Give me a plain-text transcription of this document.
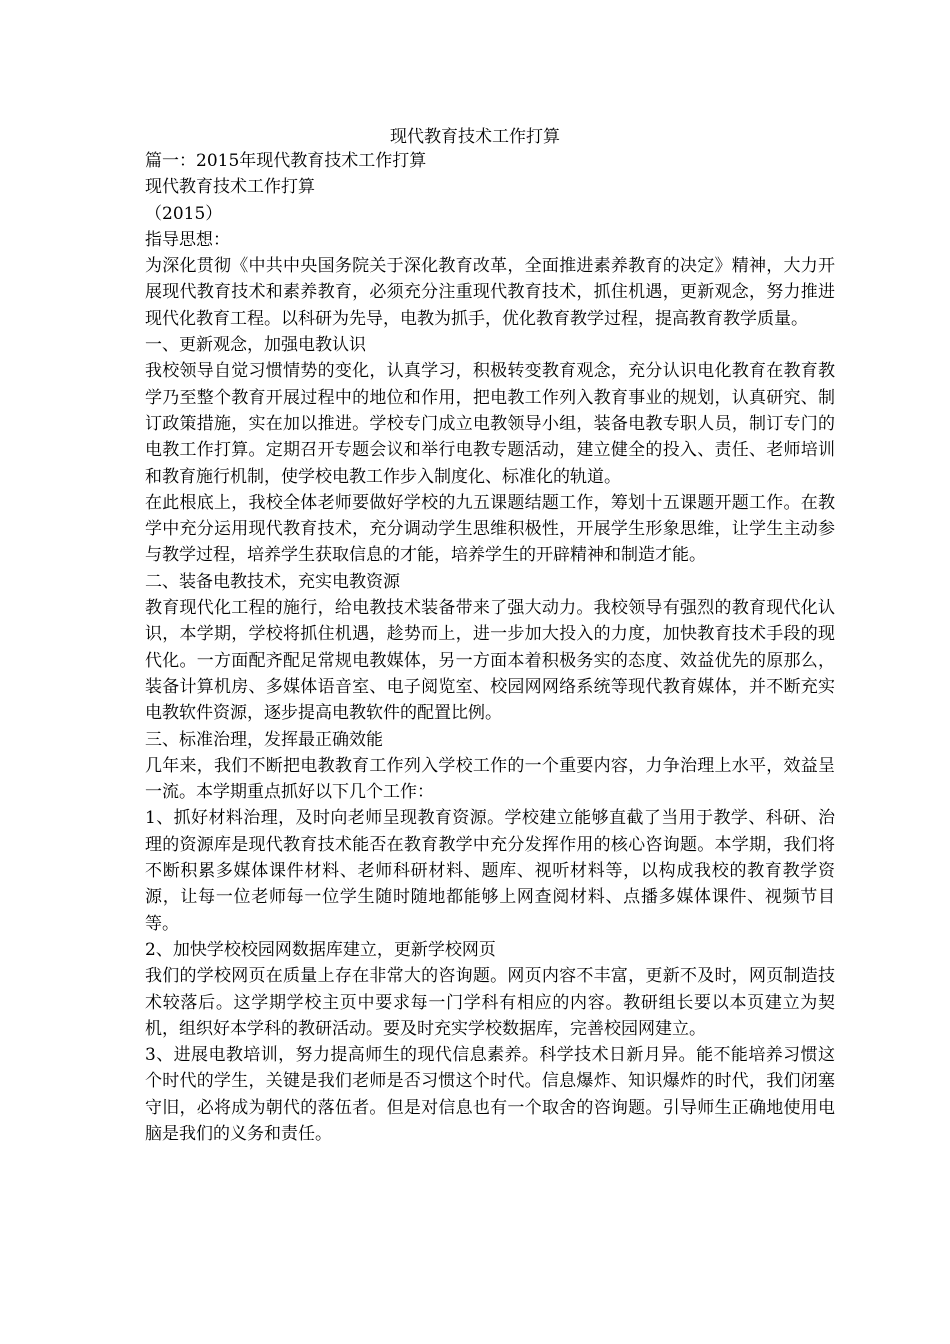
现代教育技术工作打算

篇一：2015年现代教育技术工作打算

现代教育技术工作打算

（2015）

指导思想：

为深化贯彻《中共中央国务院关于深化教育改革，全面推进素养教育的决定》精神，大力开展现代教育技术和素养教育，必须充分注重现代教育技术，抓住机遇，更新观念，努力推进现代化教育工程。以科研为先导，电教为抓手，优化教育教学过程，提高教育教学质量。

一、更新观念，加强电教认识

我校领导自觉习惯情势的变化，认真学习，积极转变教育观念，充分认识电化教育在教育教学乃至整个教育开展过程中的地位和作用，把电教工作列入教育事业的规划，认真研究、制订政策措施，实在加以推进。学校专门成立电教领导小组，装备电教专职人员，制订专门的电教工作打算。定期召开专题会议和举行电教专题活动，建立健全的投入、责任、老师培训和教育施行机制，使学校电教工作步入制度化、标准化的轨道。

在此根底上，我校全体老师要做好学校的九五课题结题工作，筹划十五课题开题工作。在教学中充分运用现代教育技术，充分调动学生思维积极性，开展学生形象思维，让学生主动参与教学过程，培养学生获取信息的才能，培养学生的开辟精神和制造才能。

二、装备电教技术，充实电教资源

教育现代化工程的施行，给电教技术装备带来了强大动力。我校领导有强烈的教育现代化认识，本学期，学校将抓住机遇，趁势而上，进一步加大投入的力度，加快教育技术手段的现代化。一方面配齐配足常规电教媒体，另一方面本着积极务实的态度、效益优先的原那么，装备计算机房、多媒体语音室、电子阅览室、校园网网络系统等现代教育媒体，并不断充实电教软件资源，逐步提高电教软件的配置比例。

三、标准治理，发挥最正确效能

几年来，我们不断把电教教育工作列入学校工作的一个重要内容，力争治理上水平，效益呈一流。本学期重点抓好以下几个工作：

1、抓好材料治理，及时向老师呈现教育资源。学校建立能够直截了当用于教学、科研、治理的资源库是现代教育技术能否在教育教学中充分发挥作用的核心咨询题。本学期，我们将不断积累多媒体课件材料、老师科研材料、题库、视听材料等，以构成我校的教育教学资源，让每一位老师每一位学生随时随地都能够上网查阅材料、点播多媒体课件、视频节目等。

2、加快学校校园网数据库建立，更新学校网页

我们的学校网页在质量上存在非常大的咨询题。网页内容不丰富，更新不及时，网页制造技术较落后。这学期学校主页中要求每一门学科有相应的内容。教研组长要以本页建立为契机，组织好本学科的教研活动。要及时充实学校数据库，完善校园网建立。

3、进展电教培训，努力提高师生的现代信息素养。科学技术日新月异。能不能培养习惯这个时代的学生，关键是我们老师是否习惯这个时代。信息爆炸、知识爆炸的时代，我们闭塞守旧，必将成为朝代的落伍者。但是对信息也有一个取舍的咨询题。引导师生正确地使用电脑是我们的义务和责任。
